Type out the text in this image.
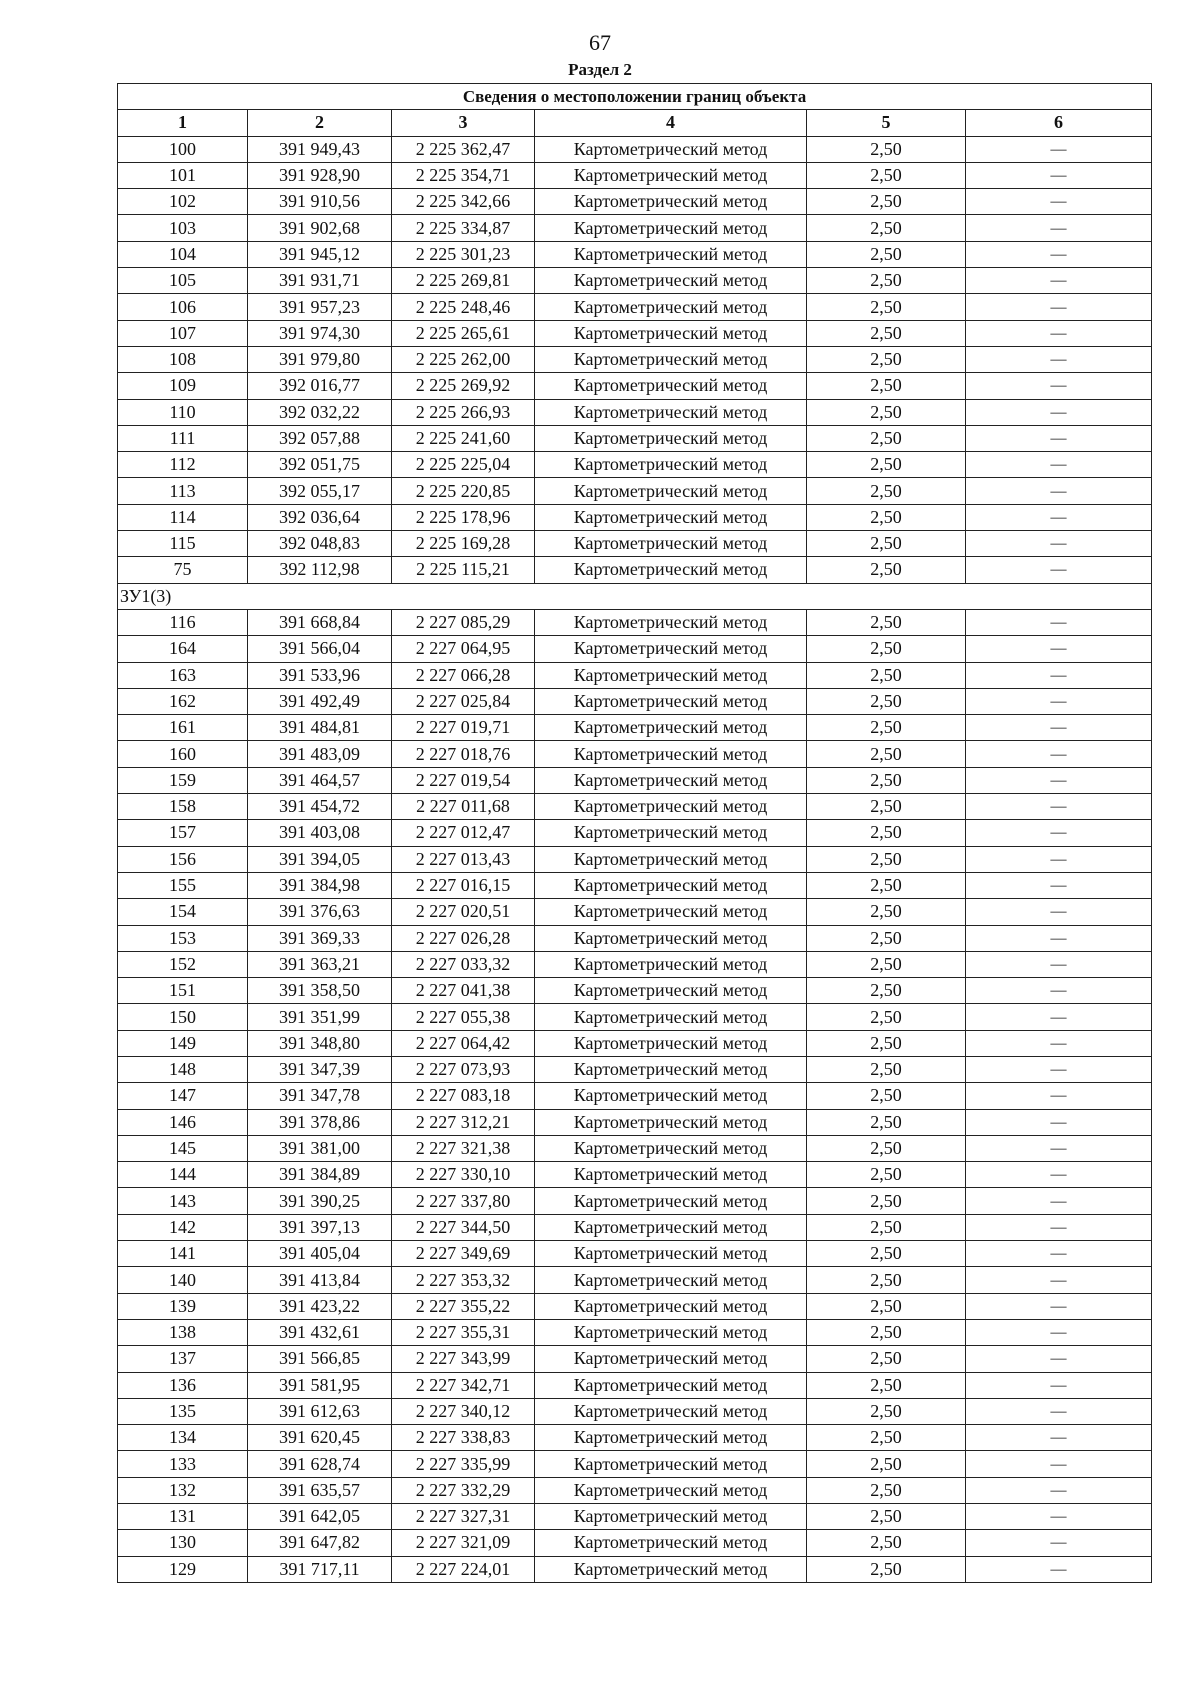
67
Раздел 2
Сведения о местоположении границ объекта					
1	2	3	4	5	6
100	391 949,43	2 225 362,47	Картометрический метод	2,50	—
101	391 928,90	2 225 354,71	Картометрический метод	2,50	—
102	391 910,56	2 225 342,66	Картометрический метод	2,50	—
103	391 902,68	2 225 334,87	Картометрический метод	2,50	—
104	391 945,12	2 225 301,23	Картометрический метод	2,50	—
105	391 931,71	2 225 269,81	Картометрический метод	2,50	—
106	391 957,23	2 225 248,46	Картометрический метод	2,50	—
107	391 974,30	2 225 265,61	Картометрический метод	2,50	—
108	391 979,80	2 225 262,00	Картометрический метод	2,50	—
109	392 016,77	2 225 269,92	Картометрический метод	2,50	—
110	392 032,22	2 225 266,93	Картометрический метод	2,50	—
111	392 057,88	2 225 241,60	Картометрический метод	2,50	—
112	392 051,75	2 225 225,04	Картометрический метод	2,50	—
113	392 055,17	2 225 220,85	Картометрический метод	2,50	—
114	392 036,64	2 225 178,96	Картометрический метод	2,50	—
115	392 048,83	2 225 169,28	Картометрический метод	2,50	—
75	392 112,98	2 225 115,21	Картометрический метод	2,50	—
ЗУ1(3)					
116	391 668,84	2 227 085,29	Картометрический метод	2,50	—
164	391 566,04	2 227 064,95	Картометрический метод	2,50	—
163	391 533,96	2 227 066,28	Картометрический метод	2,50	—
162	391 492,49	2 227 025,84	Картометрический метод	2,50	—
161	391 484,81	2 227 019,71	Картометрический метод	2,50	—
160	391 483,09	2 227 018,76	Картометрический метод	2,50	—
159	391 464,57	2 227 019,54	Картометрический метод	2,50	—
158	391 454,72	2 227 011,68	Картометрический метод	2,50	—
157	391 403,08	2 227 012,47	Картометрический метод	2,50	—
156	391 394,05	2 227 013,43	Картометрический метод	2,50	—
155	391 384,98	2 227 016,15	Картометрический метод	2,50	—
154	391 376,63	2 227 020,51	Картометрический метод	2,50	—
153	391 369,33	2 227 026,28	Картометрический метод	2,50	—
152	391 363,21	2 227 033,32	Картометрический метод	2,50	—
151	391 358,50	2 227 041,38	Картометрический метод	2,50	—
150	391 351,99	2 227 055,38	Картометрический метод	2,50	—
149	391 348,80	2 227 064,42	Картометрический метод	2,50	—
148	391 347,39	2 227 073,93	Картометрический метод	2,50	—
147	391 347,78	2 227 083,18	Картометрический метод	2,50	—
146	391 378,86	2 227 312,21	Картометрический метод	2,50	—
145	391 381,00	2 227 321,38	Картометрический метод	2,50	—
144	391 384,89	2 227 330,10	Картометрический метод	2,50	—
143	391 390,25	2 227 337,80	Картометрический метод	2,50	—
142	391 397,13	2 227 344,50	Картометрический метод	2,50	—
141	391 405,04	2 227 349,69	Картометрический метод	2,50	—
140	391 413,84	2 227 353,32	Картометрический метод	2,50	—
139	391 423,22	2 227 355,22	Картометрический метод	2,50	—
138	391 432,61	2 227 355,31	Картометрический метод	2,50	—
137	391 566,85	2 227 343,99	Картометрический метод	2,50	—
136	391 581,95	2 227 342,71	Картометрический метод	2,50	—
135	391 612,63	2 227 340,12	Картометрический метод	2,50	—
134	391 620,45	2 227 338,83	Картометрический метод	2,50	—
133	391 628,74	2 227 335,99	Картометрический метод	2,50	—
132	391 635,57	2 227 332,29	Картометрический метод	2,50	—
131	391 642,05	2 227 327,31	Картометрический метод	2,50	—
130	391 647,82	2 227 321,09	Картометрический метод	2,50	—
129	391 717,11	2 227 224,01	Картометрический метод	2,50	—
